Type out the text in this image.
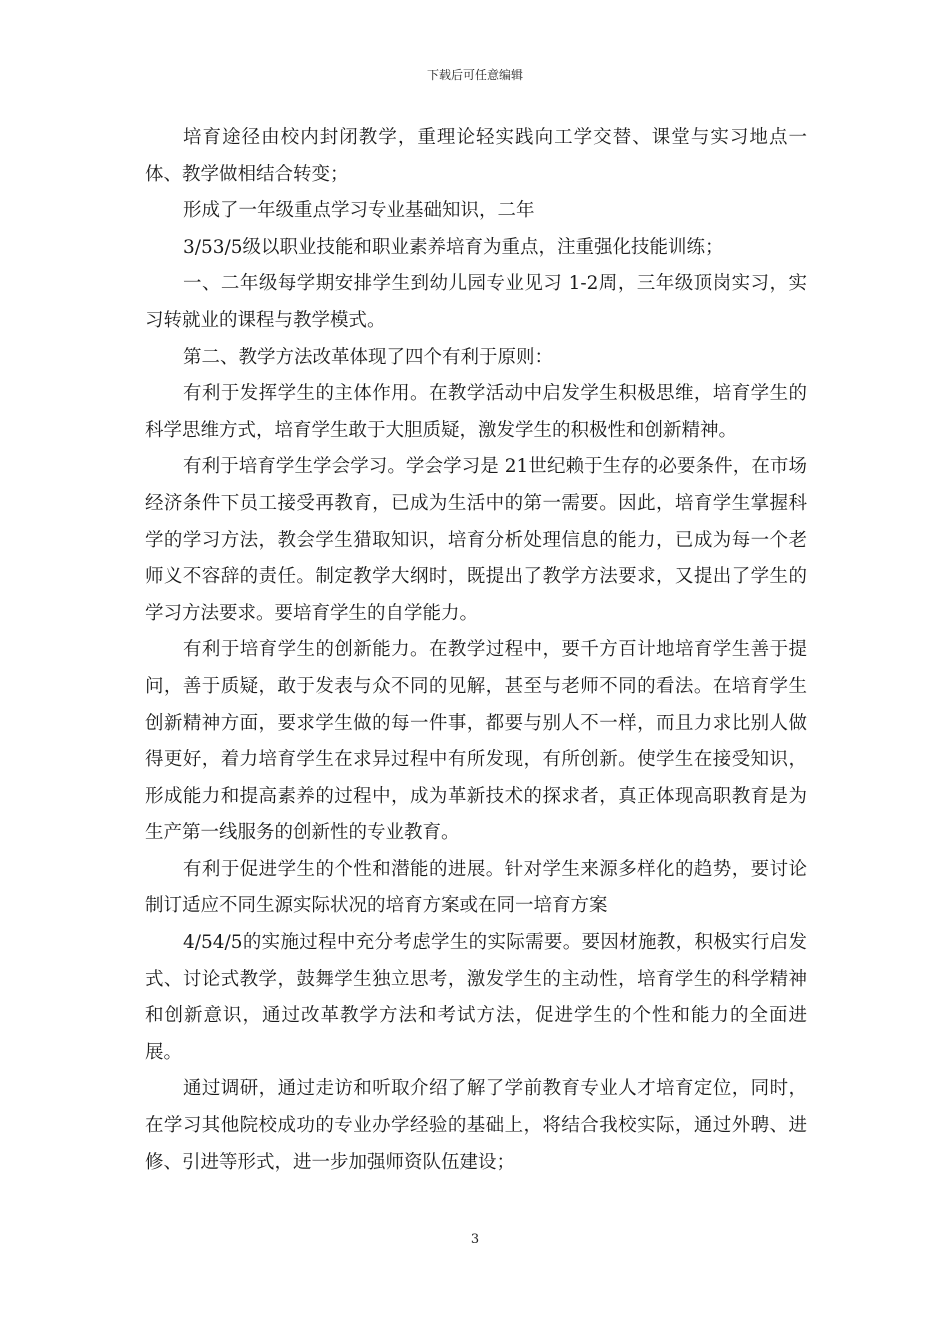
下载后可任意编辑

培育途径由校内封闭教学，重理论轻实践向工学交替、课堂与实习地点一体、教学做相结合转变；

形成了一年级重点学习专业基础知识，二年

3/53/5级以职业技能和职业素养培育为重点，注重强化技能训练；

一、二年级每学期安排学生到幼儿园专业见习 1-2周，三年级顶岗实习，实习转就业的课程与教学模式。

第二、教学方法改革体现了四个有利于原则：

有利于发挥学生的主体作用。在教学活动中启发学生积极思维，培育学生的科学思维方式，培育学生敢于大胆质疑，激发学生的积极性和创新精神。

有利于培育学生学会学习。学会学习是 21世纪赖于生存的必要条件，在市场经济条件下员工接受再教育，已成为生活中的第一需要。因此，培育学生掌握科学的学习方法，教会学生猎取知识，培育分析处理信息的能力，已成为每一个老师义不容辞的责任。制定教学大纲时，既提出了教学方法要求，又提出了学生的学习方法要求。要培育学生的自学能力。

有利于培育学生的创新能力。在教学过程中，要千方百计地培育学生善于提问，善于质疑，敢于发表与众不同的见解，甚至与老师不同的看法。在培育学生创新精神方面，要求学生做的每一件事，都要与别人不一样，而且力求比别人做得更好，着力培育学生在求异过程中有所发现，有所创新。使学生在接受知识，形成能力和提高素养的过程中，成为革新技术的探求者，真正体现高职教育是为生产第一线服务的创新性的专业教育。

有利于促进学生的个性和潜能的进展。针对学生来源多样化的趋势，要讨论制订适应不同生源实际状况的培育方案或在同一培育方案

4/54/5的实施过程中充分考虑学生的实际需要。要因材施教，积极实行启发式、讨论式教学，鼓舞学生独立思考，激发学生的主动性，培育学生的科学精神和创新意识，通过改革教学方法和考试方法，促进学生的个性和能力的全面进展。

通过调研，通过走访和听取介绍了解了学前教育专业人才培育定位，同时，在学习其他院校成功的专业办学经验的基础上，将结合我校实际，通过外聘、进修、引进等形式，进一步加强师资队伍建设；

3
